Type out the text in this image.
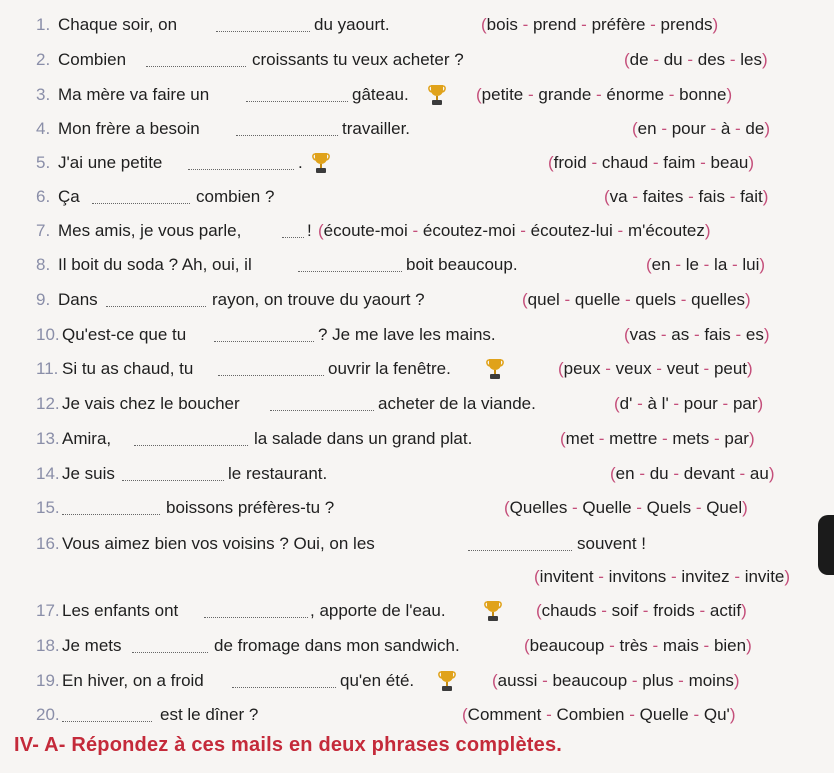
1. Chaque soir, on	du yaourt.	(bois - prend - préfère - prends)
2. Combien	croissants tu veux acheter ?	(de - du - des - les)
3. Ma mère va faire un	gâteau.	(petite - grande - énorme - bonne)
4. Mon frère a besoin	travailler.	(en - pour - à - de)
5. J'ai une petite	.	(froid - chaud - faim - beau)
6. Ça	combien ?	(va - faites - fais - fait)
7. Mes amis, je vous parle,	! (écoute-moi - écoutez-moi - écoutez-lui - m'écoutez)
8. Il boit du soda ? Ah, oui, il	boit beaucoup.	(en - le - la - lui)
9. Dans	rayon, on trouve du yaourt ?	(quel - quelle - quels - quelles)
10. Qu'est-ce que tu	? Je me lave les mains.	(vas - as - fais - es)
11. Si tu as chaud, tu	ouvrir la fenêtre.	(peux - veux - veut - peut)
12. Je vais chez le boucher	acheter de la viande.	(d' - à l' - pour - par)
13. Amira,	la salade dans un grand plat.	(met - mettre - mets - par)
14. Je suis	le restaurant.	(en - du - devant - au)
15.	boissons préfères-tu ?	(Quelles - Quelle - Quels - Quel)
16. Vous aimez bien vos voisins ? Oui, on les	souvent !
(invitent - invitons - invitez - invite)
17. Les enfants ont	, apporte de l'eau.	(chauds - soif - froids - actif)
18. Je mets	de fromage dans mon sandwich.	(beaucoup - très - mais - bien)
19. En hiver, on a froid	qu'en été.	(aussi - beaucoup - plus - moins)
20.	est le dîner ?	(Comment - Combien - Quelle - Qu')
IV- A- Répondez à ces mails en deux phrases complètes.
